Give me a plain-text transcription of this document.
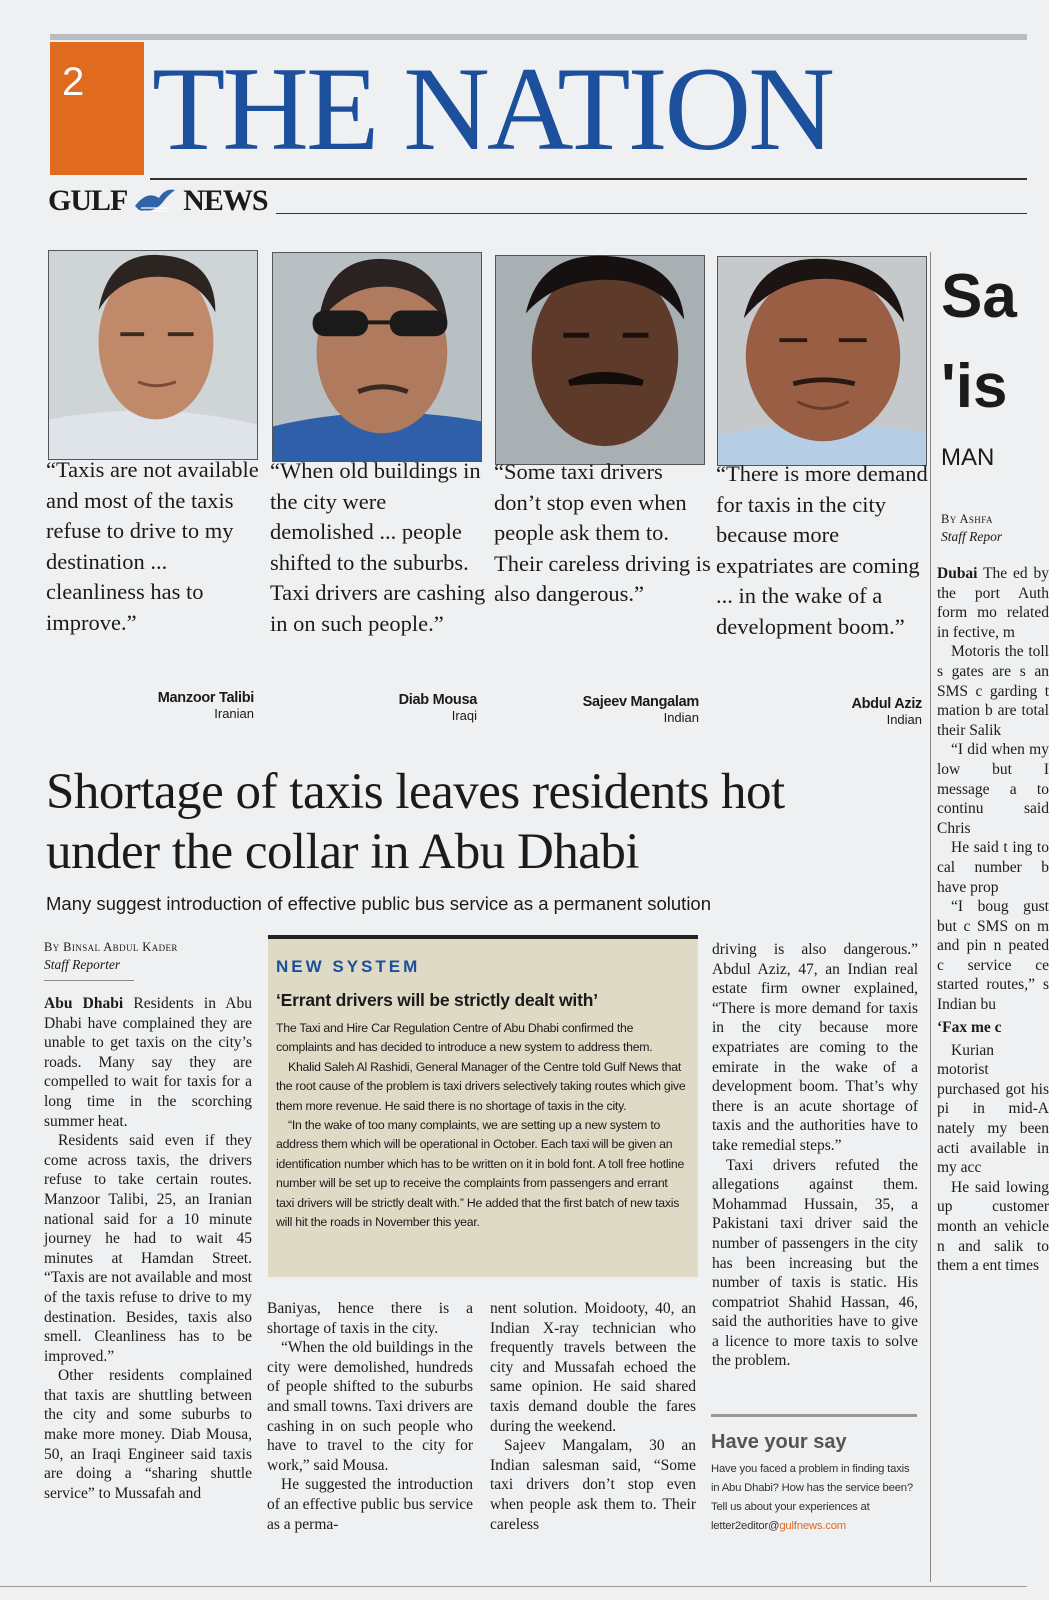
2 THE NATION
GULF NEWS
“Taxis are not available and most of the taxis refuse to drive to my destination ... cleanliness has to improve.”
“When old buildings in the city were demolished ... people shifted to the suburbs. Taxi drivers are cashing in on such people.”
“Some taxi drivers don’t stop even when people ask them to. Their careless driving is also dangerous.”
“There is more demand for taxis in the city because more expatriates are coming ... in the wake of a development boom.”
Manzoor Talibi
Iranian
Diab Mousa
Iraqi
Sajeev Mangalam
Indian
Abdul Aziz
Indian
Shortage of taxis leaves residents hot under the collar in Abu Dhabi
Many suggest introduction of effective public bus service as a permanent solution
By Binsal Abdul Kader
Staff Reporter

Abu Dhabi Residents in Abu Dhabi have complained they are unable to get taxis on the city’s roads. Many say they are compelled to wait for taxis for a long time in the scorching summer heat.

Residents said even if they come across taxis, the drivers refuse to take certain routes. Manzoor Talibi, 25, an Iranian national said for a 10 minute journey he had to wait 45 minutes at Hamdan Street. “Taxis are not available and most of the taxis refuse to drive to my destination. Besides, taxis also smell. Cleanliness has to be improved.”

Other residents complained that taxis are shuttling between the city and some suburbs to make more money. Diab Mousa, 50, an Iraqi Engineer said taxis are doing a “sharing shuttle service” to Mussafah and

Baniyas, hence there is a shortage of taxis in the city.

“When the old buildings in the city were demolished, hundreds of people shifted to the suburbs and small towns. Taxi drivers are cashing in on such people who have to travel to the city for work,” said Mousa.

He suggested the introduction of an effective public bus service as a perma-

nent solution. Moidooty, 40, an Indian X-ray technician who frequently travels between the city and Mussafah echoed the same opinion. He said shared taxis demand double the fares during the weekend.

Sajeev Mangalam, 30 an Indian salesman said, “Some taxi drivers don’t stop even when people ask them to. Their careless

driving is also dangerous.” Abdul Aziz, 47, an Indian real estate firm owner explained, “There is more demand for taxis in the city because more expatriates are coming to the emirate in the wake of a development boom. That’s why there is an acute shortage of taxis and the authorities have to take remedial steps.”

Taxi drivers refuted the allegations against them. Mohammad Hussain, 35, a Pakistani taxi driver said the number of passengers in the city has been increasing but the number of taxis is static. His compatriot Shahid Hassan, 46, said the authorities have to give a licence to more taxis to solve the problem.

NEW SYSTEM
‘Errant drivers will be strictly dealt with’

The Taxi and Hire Car Regulation Centre of Abu Dhabi confirmed the complaints and has decided to introduce a new system to address them.

Khalid Saleh Al Rashidi, General Manager of the Centre told Gulf News that the root cause of the problem is taxi drivers selectively taking routes which give them more revenue. He said there is no shortage of taxis in the city.

“In the wake of too many complaints, we are setting up a new system to address them which will be operational in October. Each taxi will be given an identification number which has to be written on it in bold font. A toll free hotline number will be set up to receive the complaints from passengers and errant taxi drivers will be strictly dealt with.” He added that the first batch of new taxis will hit the roads in November this year.

Have your say
Have you faced a problem in finding taxis in Abu Dhabi? How has the service been? Tell us about your experiences at letter2editor@gulfnews.com
Sa
'is
MAN
By Ashfa
Staff Repor

Dubai The ed by the port Auth form mo related in fective, m

Motoris the toll s gates are s an SMS c garding t mation b are total their Salik

“I did when my low but I message a to continu said Chris

He said t ing to cal number b have prop

“I boug gust but c SMS on m and pin n peated c service ce started routes,” s Indian bu

‘Fax me c

Kurian motorist purchased got his pi in mid-A nately my been acti available in my acc

He said lowing up customer month an vehicle n and salik to them a ent times
